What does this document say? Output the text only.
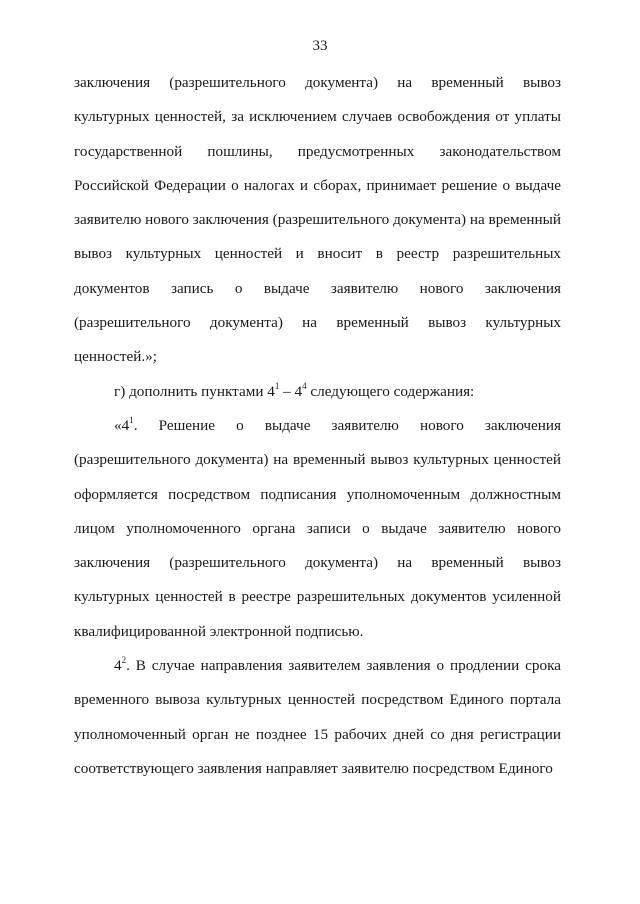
33

заключения (разрешительного документа) на временный вывоз культурных ценностей, за исключением случаев освобождения от уплаты государственной пошлины, предусмотренных законодательством Российской Федерации о налогах и сборах, принимает решение о выдаче заявителю нового заключения (разрешительного документа) на временный вывоз культурных ценностей и вносит в реестр разрешительных документов запись о выдаче заявителю нового заключения (разрешительного документа) на временный вывоз культурных ценностей.»;

г) дополнить пунктами $4^1 - 4^4$ следующего содержания:

«$4^1$. Решение о выдаче заявителю нового заключения (разрешительного документа) на временный вывоз культурных ценностей оформляется посредством подписания уполномоченным должностным лицом уполномоченного органа записи о выдаче заявителю нового заключения (разрешительного документа) на временный вывоз культурных ценностей в реестре разрешительных документов усиленной квалифицированной электронной подписью.

$4^2$. В случае направления заявителем заявления о продлении срока временного вывоза культурных ценностей посредством Единого портала уполномоченный орган не позднее 15 рабочих дней со дня регистрации соответствующего заявления направляет заявителю посредством Единого
